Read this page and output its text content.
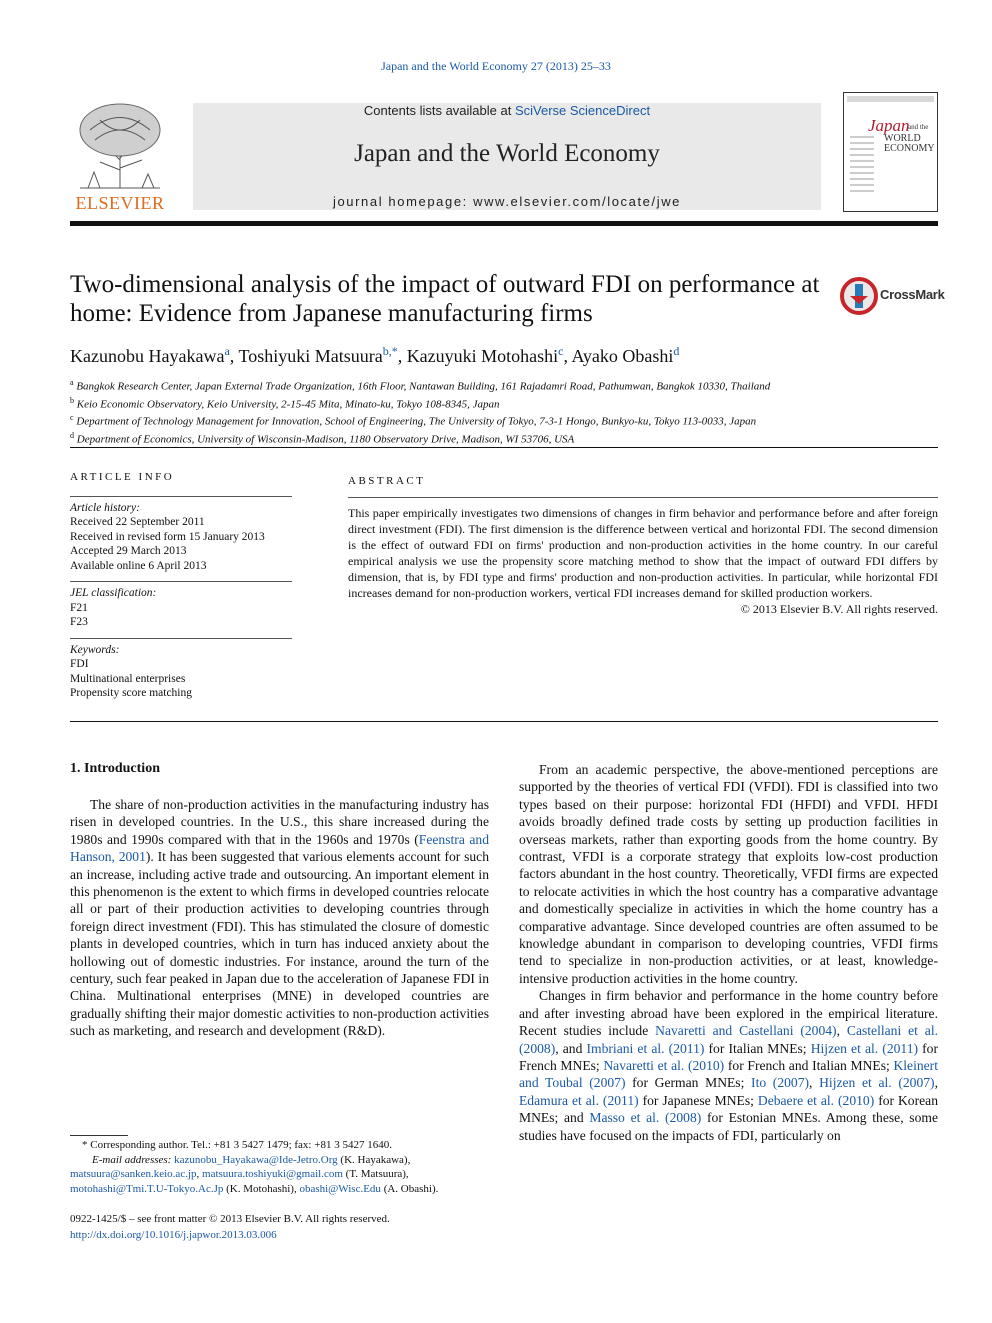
Japan and the World Economy 27 (2013) 25–33
ELSEVIER
Contents lists available at SciVerse ScienceDirect
Japan and the World Economy
journal homepage: www.elsevier.com/locate/jwe
Japan
and the
WORLD
ECONOMY
Two-dimensional analysis of the impact of outward FDI on performance at home: Evidence from Japanese manufacturing firms
CrossMark
Kazunobu Hayakawa$^a$, Toshiyuki Matsuura$^{b,*}$, Kazuyuki Motohashi$^c$, Ayako Obashi$^d$
$^a$ Bangkok Research Center, Japan External Trade Organization, 16th Floor, Nantawan Building, 161 Rajadamri Road, Pathumwan, Bangkok 10330, Thailand
$^b$ Keio Economic Observatory, Keio University, 2-15-45 Mita, Minato-ku, Tokyo 108-8345, Japan
$^c$ Department of Technology Management for Innovation, School of Engineering, The University of Tokyo, 7-3-1 Hongo, Bunkyo-ku, Tokyo 113-0033, Japan
$^d$ Department of Economics, University of Wisconsin-Madison, 1180 Observatory Drive, Madison, WI 53706, USA
ARTICLE INFO
Article history:
Received 22 September 2011
Received in revised form 15 January 2013
Accepted 29 March 2013
Available online 6 April 2013
JEL classification:
F21
F23
Keywords:
FDI
Multinational enterprises
Propensity score matching
ABSTRACT
This paper empirically investigates two dimensions of changes in firm behavior and performance before and after foreign direct investment (FDI). The first dimension is the difference between vertical and horizontal FDI. The second dimension is the effect of outward FDI on firms' production and non-production activities in the home country. In our careful empirical analysis we use the propensity score matching method to show that the impact of outward FDI differs by dimension, that is, by FDI type and firms' production and non-production activities. In particular, while horizontal FDI increases demand for non-production workers, vertical FDI increases demand for skilled production workers.
© 2013 Elsevier B.V. All rights reserved.
1. Introduction

The share of non-production activities in the manufacturing industry has risen in developed countries. In the U.S., this share increased during the 1980s and 1990s compared with that in the 1960s and 1970s (Feenstra and Hanson, 2001). It has been suggested that various elements account for such an increase, including active trade and outsourcing. An important element in this phenomenon is the extent to which firms in developed countries relocate all or part of their production activities to developing countries through foreign direct investment (FDI). This has stimulated the closure of domestic plants in developed countries, which in turn has induced anxiety about the hollowing out of domestic industries. For instance, around the turn of the century, such fear peaked in Japan due to the acceleration of Japanese FDI in China. Multinational enterprises (MNE) in developed countries are gradually shifting their major domestic activities to non-production activities such as marketing, and research and development (R&D).

From an academic perspective, the above-mentioned perceptions are supported by the theories of vertical FDI (VFDI). FDI is classified into two types based on their purpose: horizontal FDI (HFDI) and VFDI. HFDI avoids broadly defined trade costs by setting up production facilities in overseas markets, rather than exporting goods from the home country. By contrast, VFDI is a corporate strategy that exploits low-cost production factors abundant in the host country. Theoretically, VFDI firms are expected to relocate activities in which the host country has a comparative advantage and domestically specialize in activities in which the home country has a comparative advantage. Since developed countries are often assumed to be knowledge abundant in comparison to developing countries, VFDI firms tend to specialize in non-production activities, or at least, knowledge-intensive production activities in the home country.

Changes in firm behavior and performance in the home country before and after investing abroad have been explored in the empirical literature. Recent studies include Navaretti and Castellani (2004), Castellani et al. (2008), and Imbriani et al. (2011) for Italian MNEs; Hijzen et al. (2011) for French MNEs; Navaretti et al. (2010) for French and Italian MNEs; Kleinert and Toubal (2007) for German MNEs; Ito (2007), Hijzen et al. (2007), Edamura et al. (2011) for Japanese MNEs; Debaere et al. (2010) for Korean MNEs; and Masso et al. (2008) for Estonian MNEs. Among these, some studies have focused on the impacts of FDI, particularly on

* Corresponding author. Tel.: +81 3 5427 1479; fax: +81 3 5427 1640.
E-mail addresses: kazunobu_Hayakawa@Ide-Jetro.Org (K. Hayakawa),
matsuura@sanken.keio.ac.jp, matsuura.toshiyuki@gmail.com (T. Matsuura),
motohashi@Tmi.T.U-Tokyo.Ac.Jp (K. Motohashi), obashi@Wisc.Edu (A. Obashi).
0922-1425/$ – see front matter © 2013 Elsevier B.V. All rights reserved.
http://dx.doi.org/10.1016/j.japwor.2013.03.006
